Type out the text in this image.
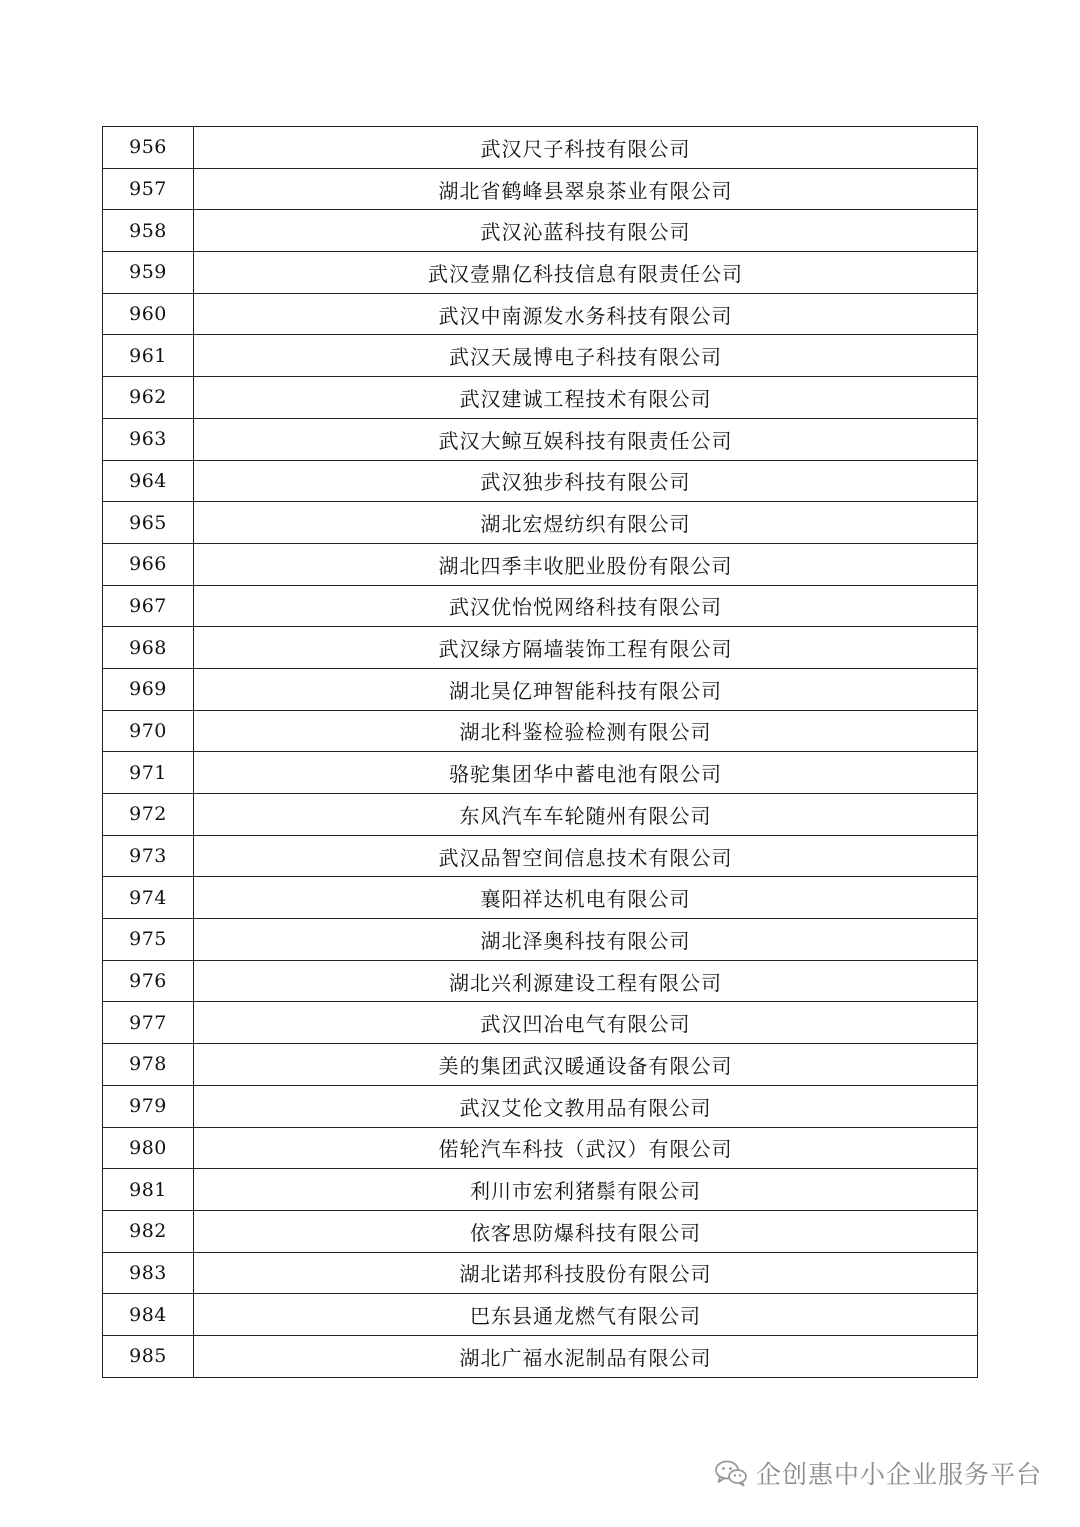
956	武汉尺子科技有限公司
957	湖北省鹤峰县翠泉茶业有限公司
958	武汉沁蓝科技有限公司
959	武汉壹鼎亿科技信息有限责任公司
960	武汉中南源发水务科技有限公司
961	武汉天晟博电子科技有限公司
962	武汉建诚工程技术有限公司
963	武汉大鲸互娱科技有限责任公司
964	武汉独步科技有限公司
965	湖北宏煜纺织有限公司
966	湖北四季丰收肥业股份有限公司
967	武汉优怡悦网络科技有限公司
968	武汉绿方隔墙装饰工程有限公司
969	湖北昊亿珅智能科技有限公司
970	湖北科鉴检验检测有限公司
971	骆驼集团华中蓄电池有限公司
972	东风汽车车轮随州有限公司
973	武汉品智空间信息技术有限公司
974	襄阳祥达机电有限公司
975	湖北泽奥科技有限公司
976	湖北兴利源建设工程有限公司
977	武汉凹冶电气有限公司
978	美的集团武汉暖通设备有限公司
979	武汉艾伦文教用品有限公司
980	偌轮汽车科技（武汉）有限公司
981	利川市宏利猪鬃有限公司
982	依客思防爆科技有限公司
983	湖北诺邦科技股份有限公司
984	巴东县通龙燃气有限公司
985	湖北广福水泥制品有限公司
企创惠中小企业服务平台
